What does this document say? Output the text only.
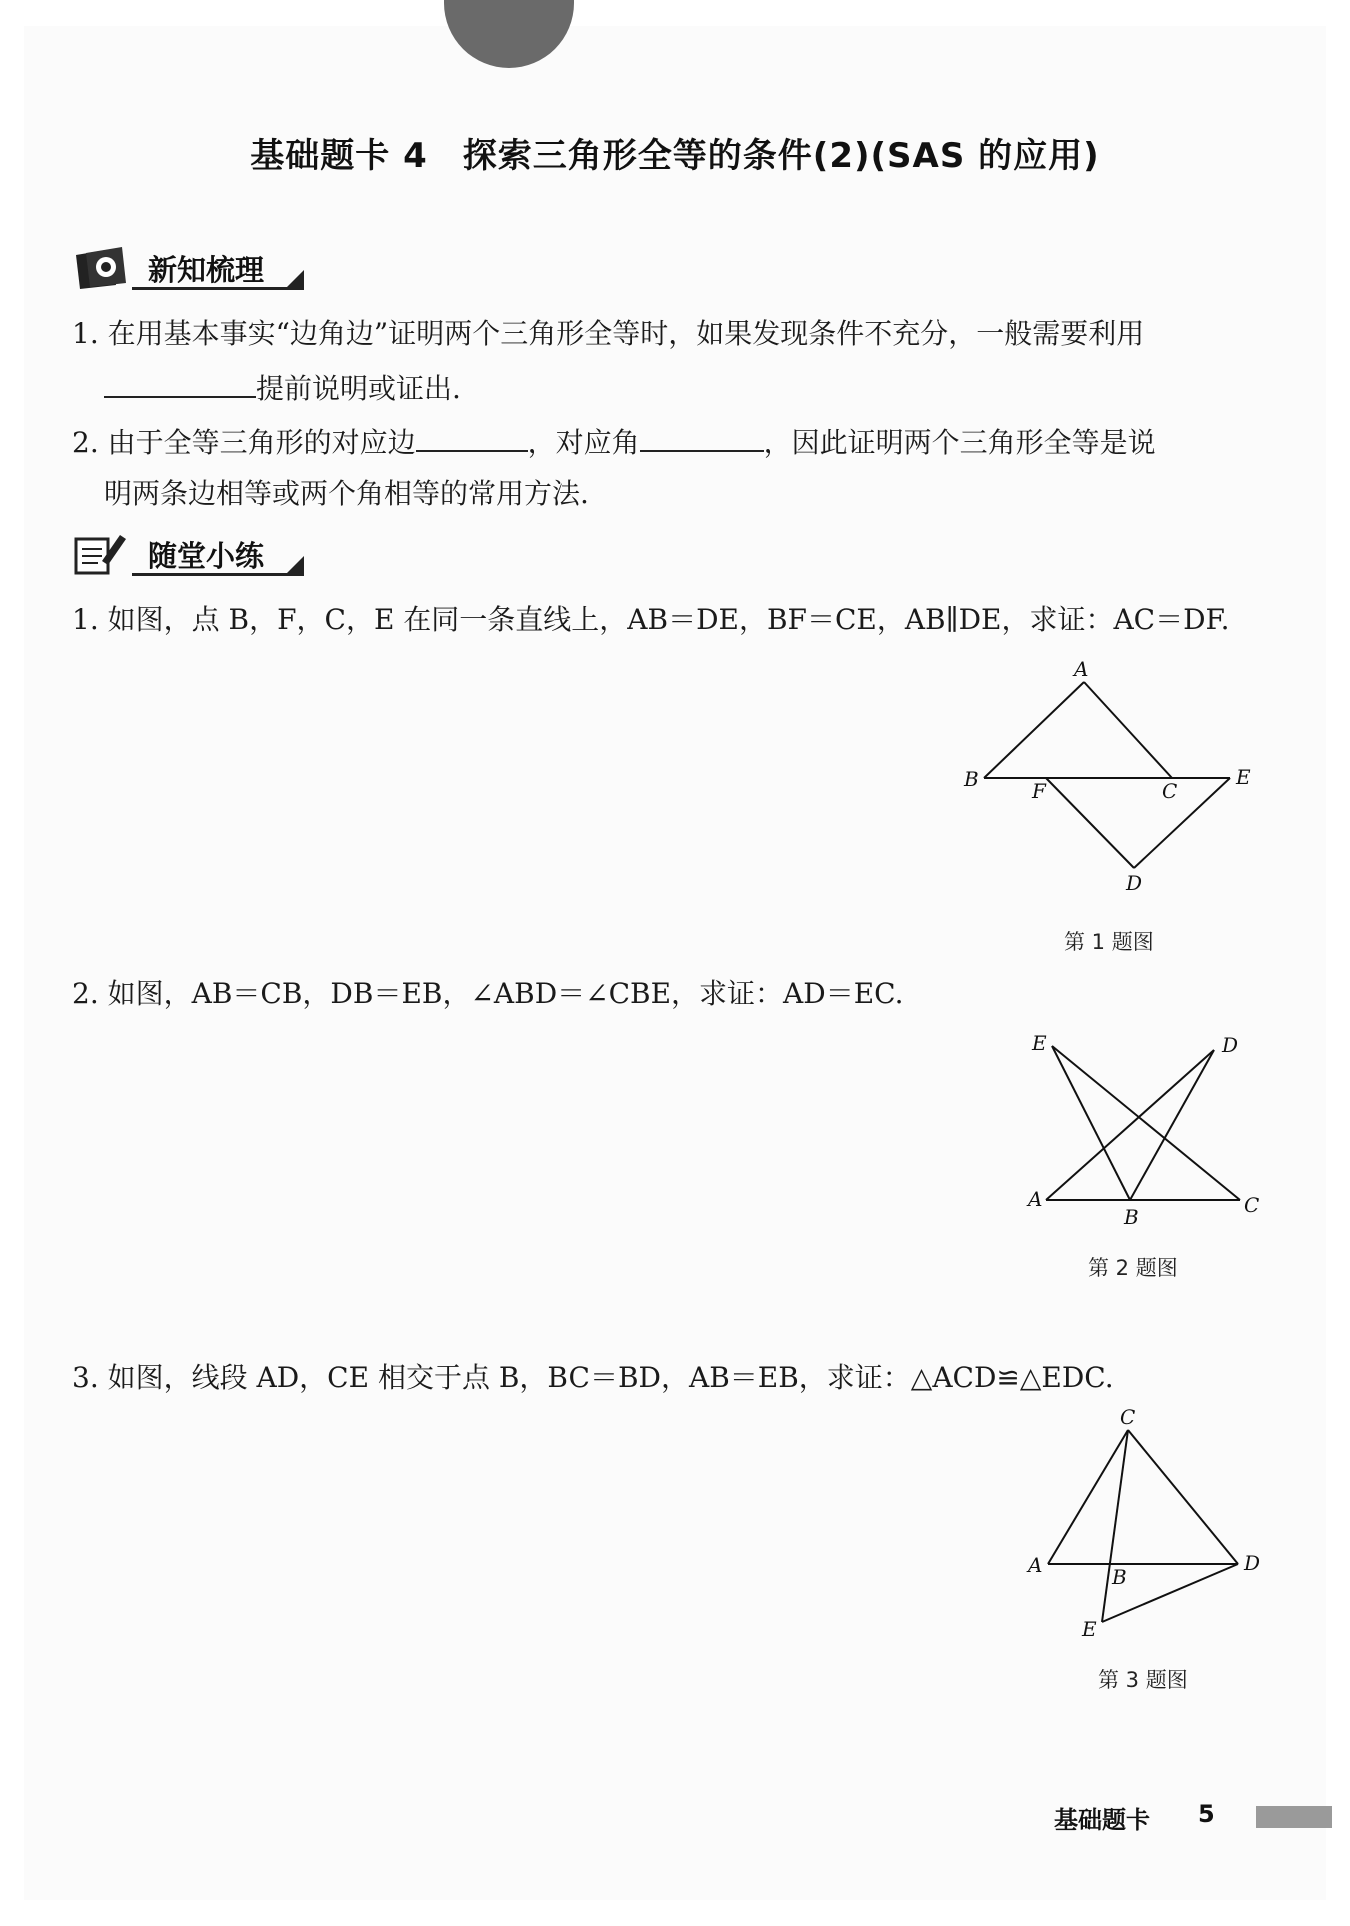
基础题卡 4　探索三角形全等的条件(2)(SAS 的应用)
新知梳理
1. 在用基本事实“边角边”证明两个三角形全等时，如果发现条件不充分，一般需要利用
提前说明或证出.
2. 由于全等三角形的对应边	，对应角	，因此证明两个三角形全等是说
明两条边相等或两个角相等的常用方法.
随堂小练
1. 如图，点 B，F，C，E 在同一条直线上，AB＝DE，BF＝CE，AB∥DE，求证：AC＝DF.
2. 如图，AB＝CB，DB＝EB，∠ABD＝∠CBE，求证：AD＝EC.
3. 如图，线段 AD，CE 相交于点 B，BC＝BD，AB＝EB，求证：△ACD≌△EDC.
A
B	F	C
E
D
第 1 题图
E	D
A
B	C
第 2 题图
C
A	B
D
E
第 3 题图
基础题卡 5
